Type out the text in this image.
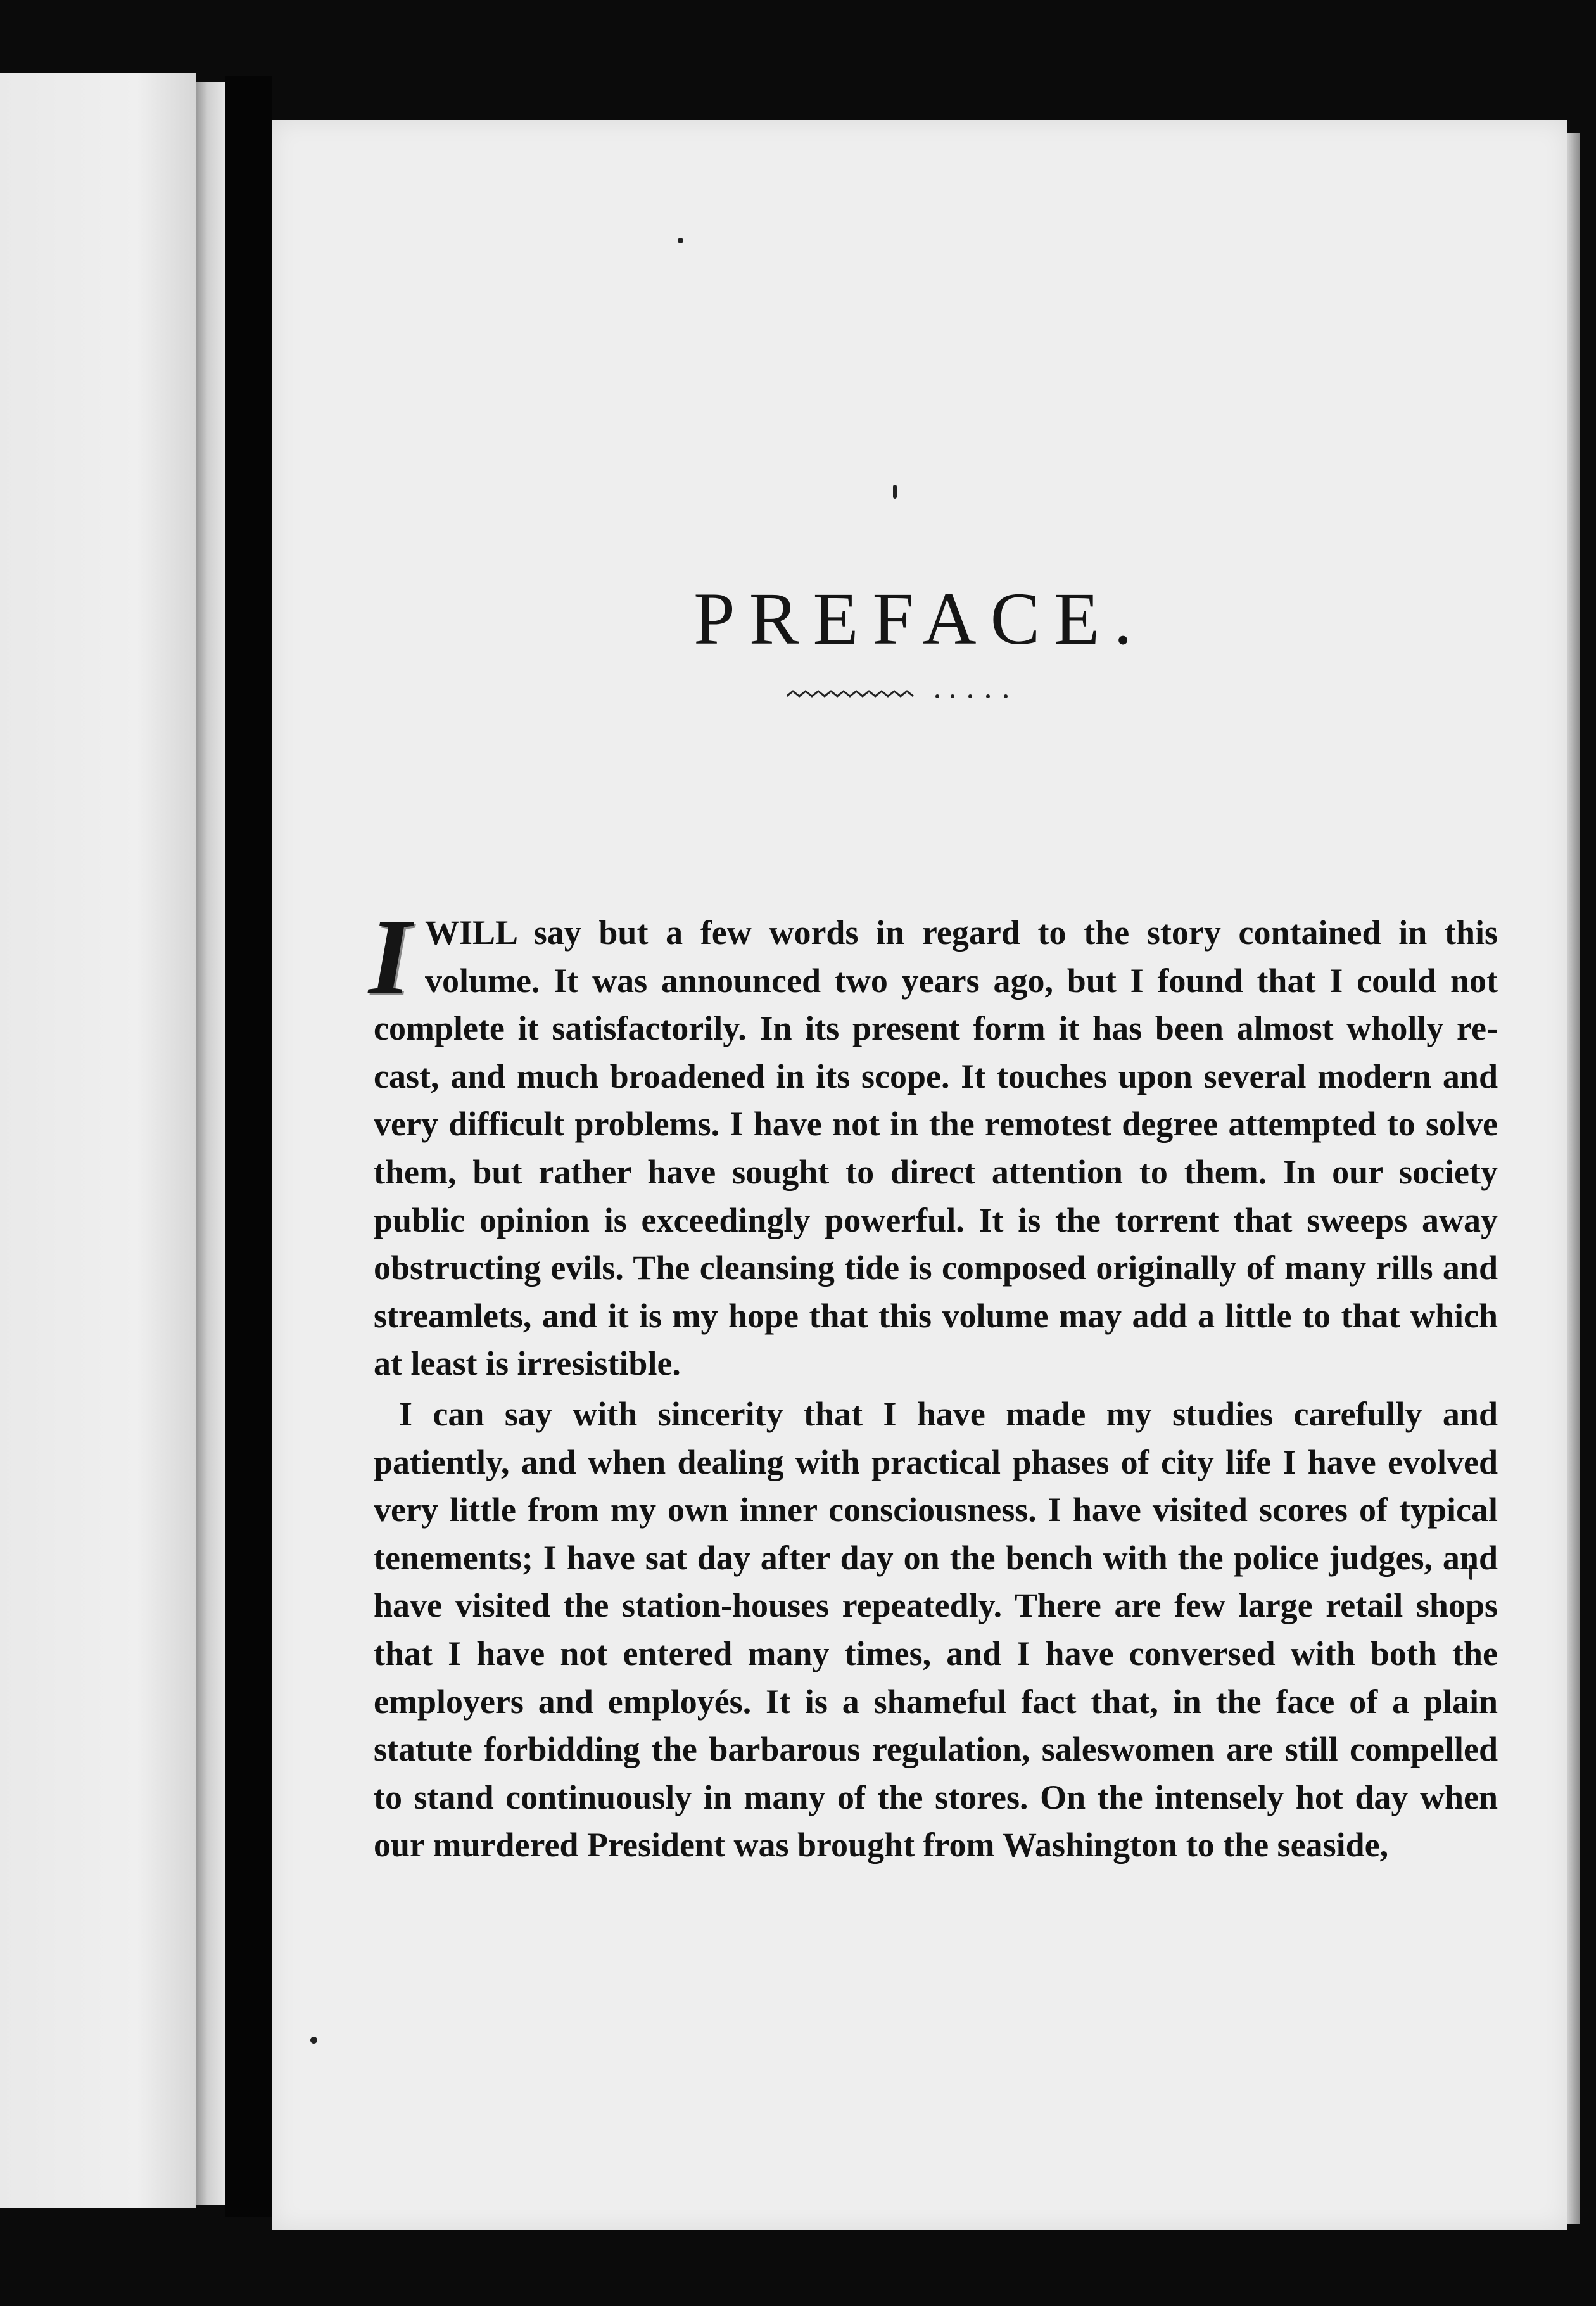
PREFACE.

I WILL say but a few words in regard to the story contained in this volume. It was announced two years ago, but I found that I could not complete it satisfactorily. In its present form it has been almost wholly re-cast, and much broadened in its scope. It touches upon several modern and very difficult problems. I have not in the remotest degree attempted to solve them, but rather have sought to direct attention to them. In our society public opinion is exceedingly powerful. It is the torrent that sweeps away obstructing evils. The cleansing tide is composed originally of many rills and streamlets, and it is my hope that this volume may add a little to that which at least is irresistible.

I can say with sincerity that I have made my studies carefully and patiently, and when dealing with practical phases of city life I have evolved very little from my own inner consciousness. I have visited scores of typical tenements; I have sat day after day on the bench with the police judges, and have visited the station-houses repeatedly. There are few large retail shops that I have not entered many times, and I have conversed with both the employers and employés. It is a shameful fact that, in the face of a plain statute forbidding the barbarous regulation, saleswomen are still compelled to stand continuously in many of the stores. On the intensely hot day when our murdered President was brought from Washington to the seaside,
